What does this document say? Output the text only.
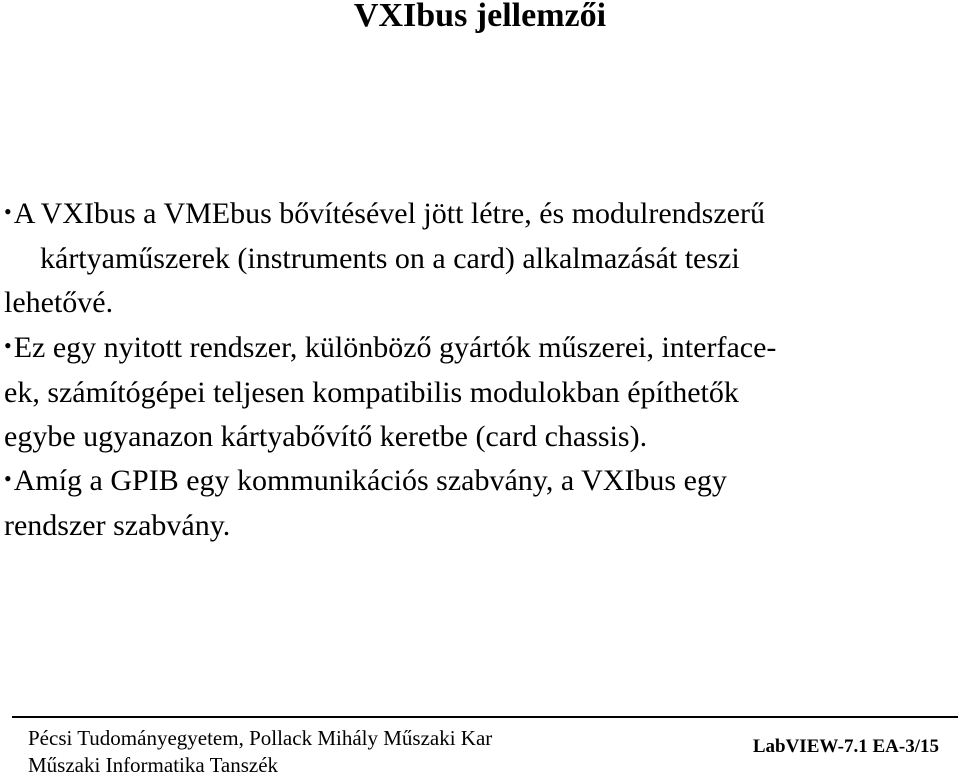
VXIbus jellemzői
•A VXIbus a VMEbus bővítésével jött létre, és modulrendszerű
kártyaműszerek (instruments on a card) alkalmazását teszi
lehetővé.
•Ez egy nyitott rendszer, különböző gyártók műszerei, interface-
ek, számítógépei teljesen kompatibilis modulokban építhetők
egybe ugyanazon kártyabővítő keretbe (card chassis).
•Amíg a GPIB egy kommunikációs szabvány, a VXIbus egy
rendszer szabvány.
Pécsi Tudományegyetem, Pollack Mihály Műszaki Kar
Műszaki Informatika Tanszék
LabVIEW-7.1 EA-3/15
